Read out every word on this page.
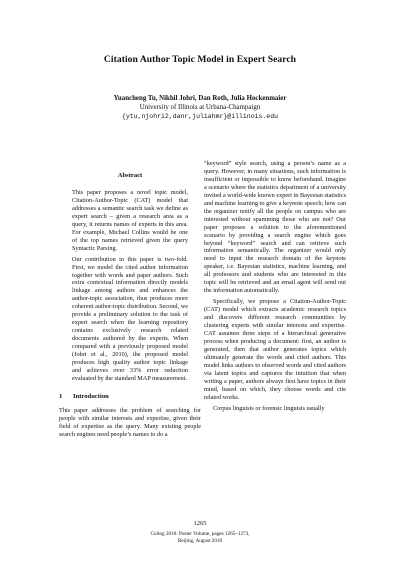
Citation Author Topic Model in Expert Search
Yuancheng Tu, Nikhil Johri, Dan Roth, Julia Hockenmaier
University of Illinois at Urbana-Champaign
{ytu,njohri2,danr,juliahmr}@illinois.edu
Abstract

This paper proposes a novel topic model, Citation-Author-Topic (CAT) model that addresses a semantic search task we define as expert search – given a research area as a query, it returns names of experts in this area. For example, Michael Collins would be one of the top names retrieved given the query Syntactic Parsing.

Our contribution in this paper is two-fold. First, we model the cited author information together with words and paper authors. Such extra contextual information directly models linkage among authors and enhances the author-topic association, thus produces more coherent author-topic distribution. Second, we provide a preliminary solution to the task of expert search when the learning repository contains exclusively research related documents authored by the experts. When compared with a previously proposed model (Johri et al., 2010), the proposed model produces high quality author topic linkage and achieves over 33% error reduction evaluated by the standard MAP measurement.

1 Introduction

This paper addresses the problem of searching for people with similar interests and expertise, given their field of expertise as the query. Many existing people search engines need people’s names to do a

“keyword” style search, using a person’s name as a query. However, in many situations, such information is insufficient or impossible to know beforehand. Imagine a scenario where the statistics department of a university invited a world-wide known expert in Bayesian statistics and machine learning to give a keynote speech; how can the organizer notify all the people on campus who are interested without spamming those who are not? Our paper proposes a solution to the aforementioned scenario by providing a search engine which goes beyond “keyword” search and can retrieve such information semantically. The organizer would only need to input the research domain of the keynote speaker, i.e. Bayesian statistics, machine learning, and all professors and students who are interested in this topic will be retrieved and an email agent will send out the information automatically.

Specifically, we propose a Citation-Author-Topic (CAT) model which extracts academic research topics and discovers different research communities by clustering experts with similar interests and expertise. CAT assumes three steps of a hierarchical generative process when producing a document: first, an author is generated, then that author generates topics which ultimately generate the words and cited authors. This model links authors to observed words and cited authors via latent topics and captures the intuition that when writing a paper, authors always first have topics in their mind, based on which, they choose words and cite related works.

Corpus linguists or forensic linguists usually

1265
Coling 2010: Poster Volume, pages 1265–1273,
Beijing, August 2010
